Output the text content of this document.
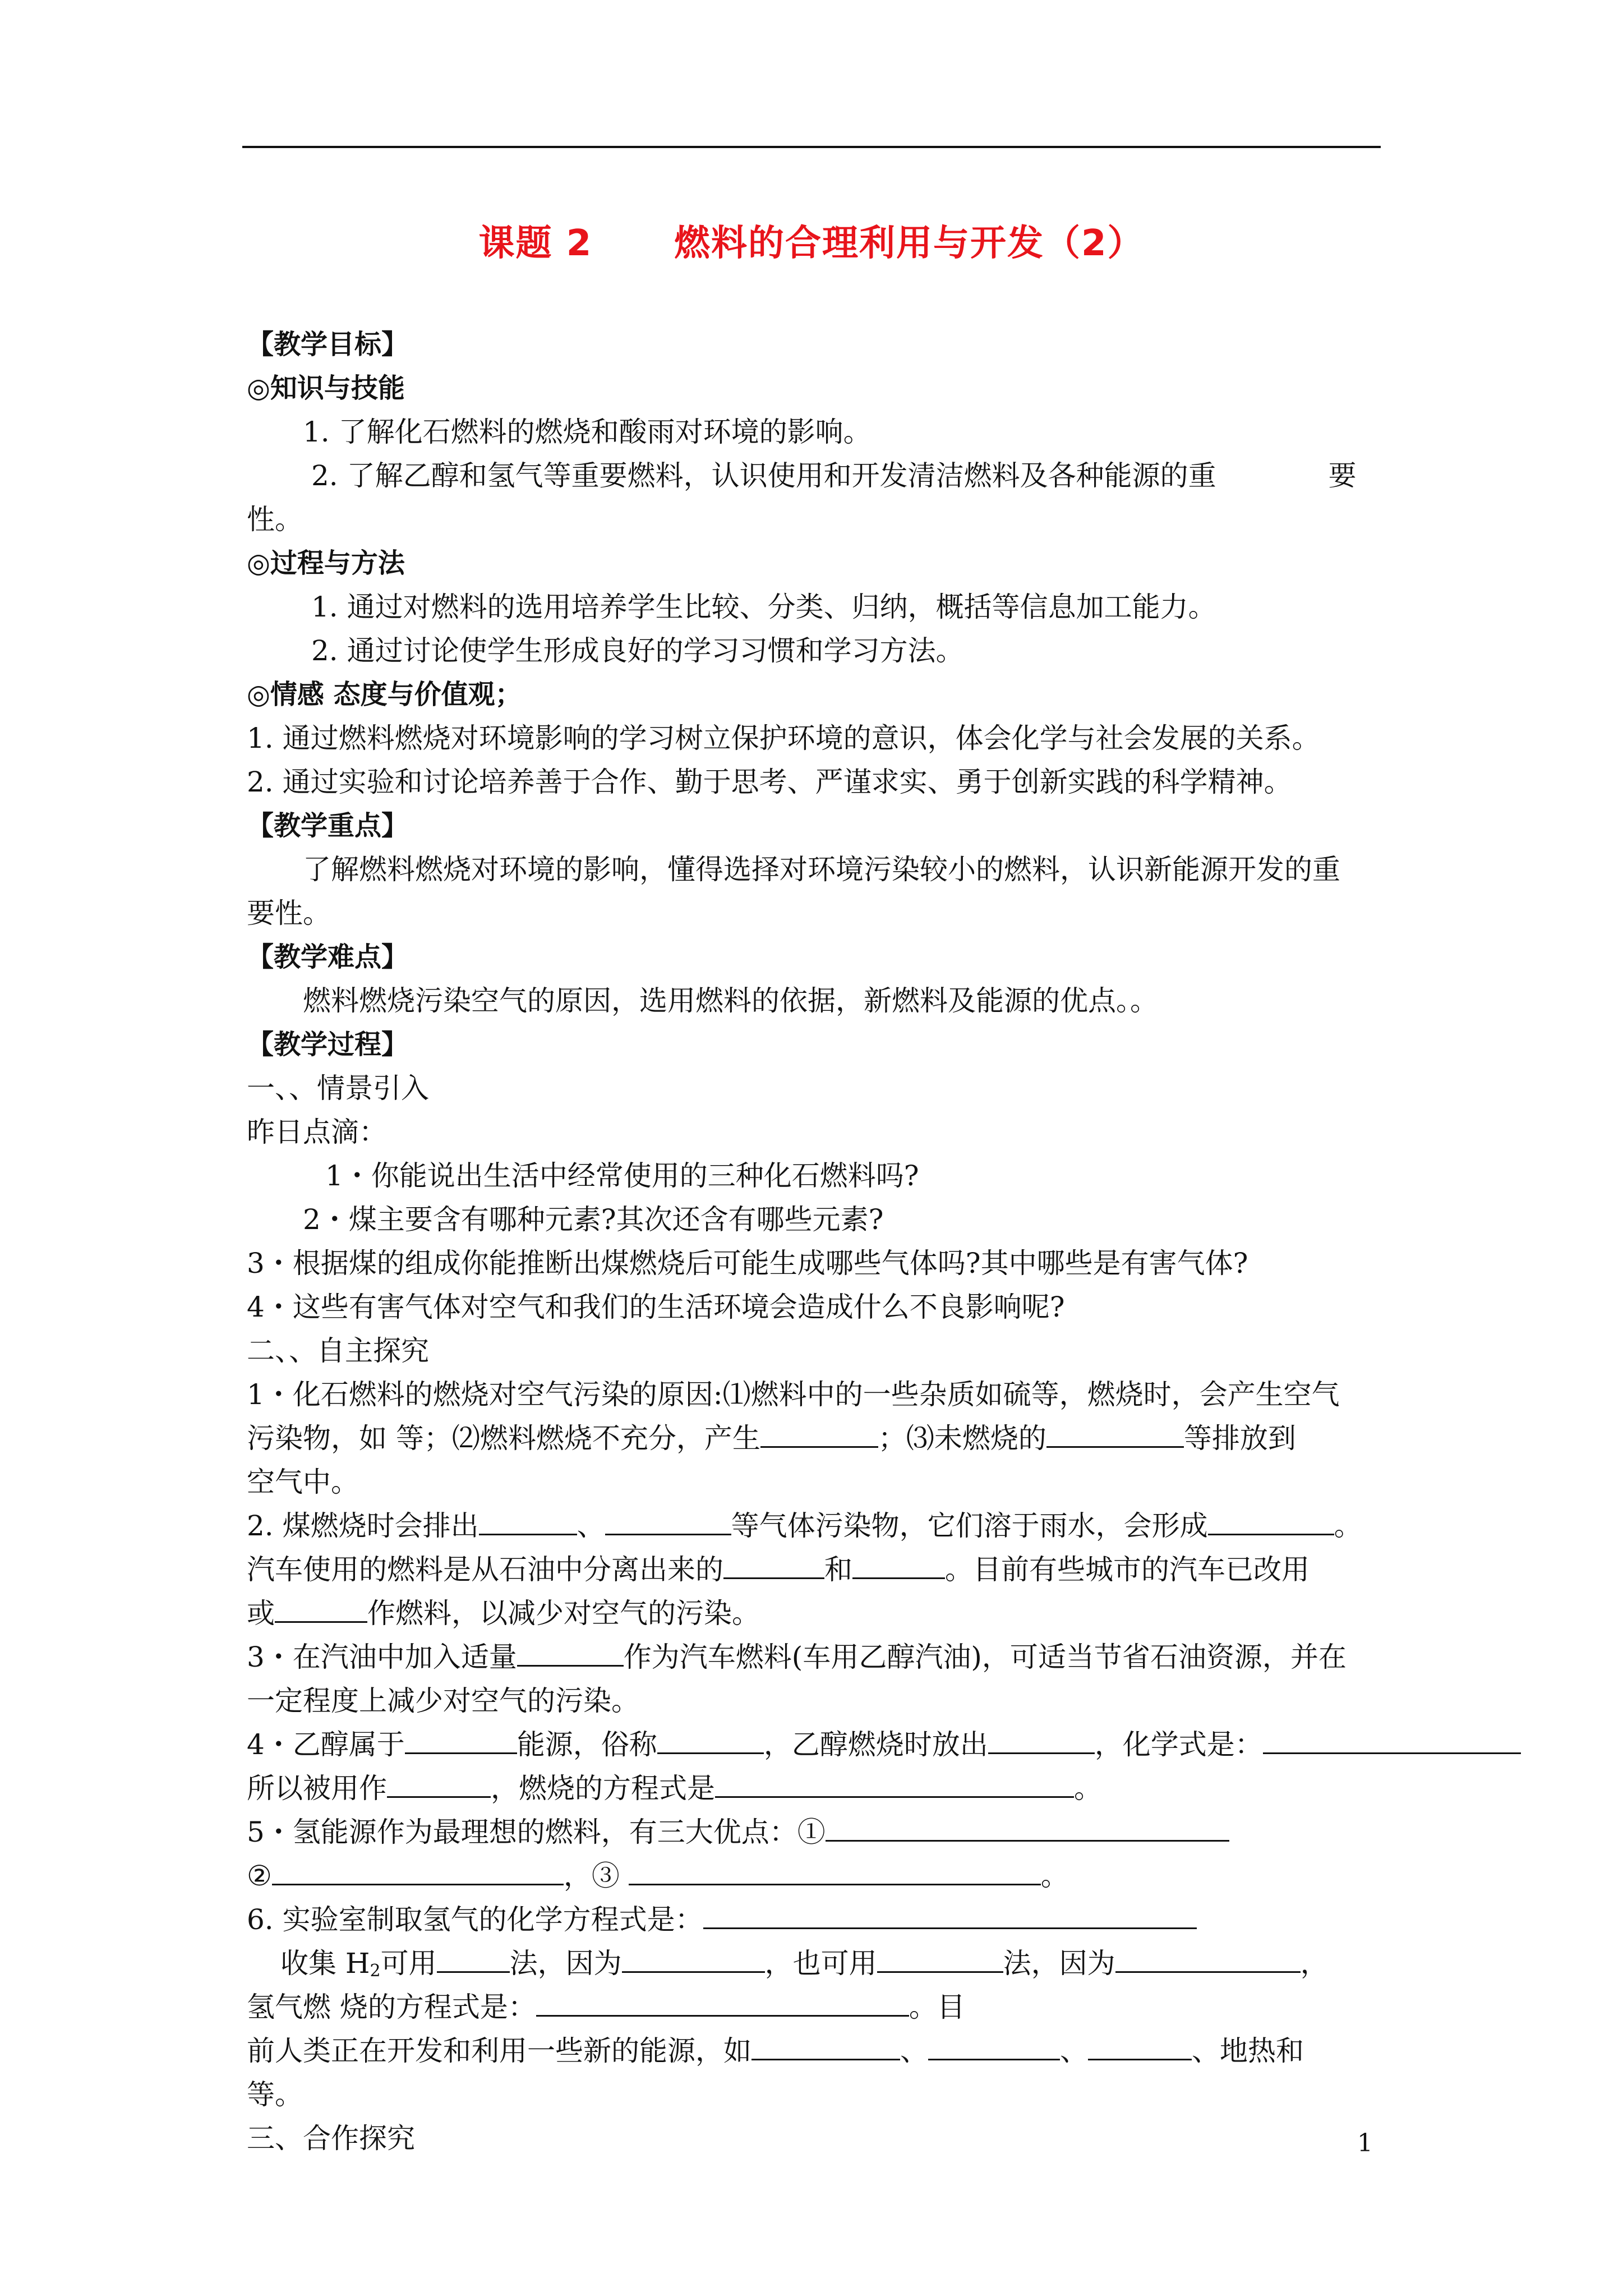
课题 2      燃料的合理利用与开发（2）
【教学目标】
◎知识与技能
1. 了解化石燃料的燃烧和酸雨对环境的影响。
2. 了解乙醇和氢气等重要燃料，认识使用和开发清洁燃料及各种能源的重	要
性。
◎过程与方法
1. 通过对燃料的选用培养学生比较、分类、归纳，概括等信息加工能力。
2. 通过讨论使学生形成良好的学习习惯和学习方法。
◎情感 态度与价值观；
1. 通过燃料燃烧对环境影响的学习树立保护环境的意识，体会化学与社会发展的关系。
2. 通过实验和讨论培养善于合作、勤于思考、严谨求实、勇于创新实践的科学精神。
【教学重点】
了解燃料燃烧对环境的影响，懂得选择对环境污染较小的燃料，认识新能源开发的重
要性。
【教学难点】
燃料燃烧污染空气的原因，选用燃料的依据，新燃料及能源的优点。。
【教学过程】
一、、情景引入
昨日点滴：
1・你能说出生活中经常使用的三种化石燃料吗?
2・煤主要含有哪种元素?其次还含有哪些元素?
3・根据煤的组成你能推断出煤燃烧后可能生成哪些气体吗?其中哪些是有害气体?
4・这些有害气体对空气和我们的生活环境会造成什么不良影响呢?
二、、自主探究
1・化石燃料的燃烧对空气污染的原因:⑴燃料中的一些杂质如硫等，燃烧时，会产生空气
污染物，如 等；⑵燃料燃烧不充分，产生	；⑶未燃烧的	等排放到
空气中。
2. 煤燃烧时会排出	、	等气体污染物，它们溶于雨水，会形成	。
汽车使用的燃料是从石油中分离出来的	和	。目前有些城市的汽车已改用
或	作燃料，以减少对空气的污染。
3・在汽油中加入适量	作为汽车燃料(车用乙醇汽油)，可适当节省石油资源，并在
一定程度上减少对空气的污染。
4・乙醇属于	能源，俗称	，乙醇燃烧时放出	，化学式是：
所以被用作	，燃烧的方程式是	。
5・氢能源作为最理想的燃料，有三大优点：①
②	，③	。
6. 实验室制取氢气的化学方程式是：
收集 $H_2$可用	法，因为	，也可用	法，因为	，
氢气燃 烧的方程式是：	。目
前人类正在开发和利用一些新的能源，如	、	、	、地热和
等。
三、合作探究	1
